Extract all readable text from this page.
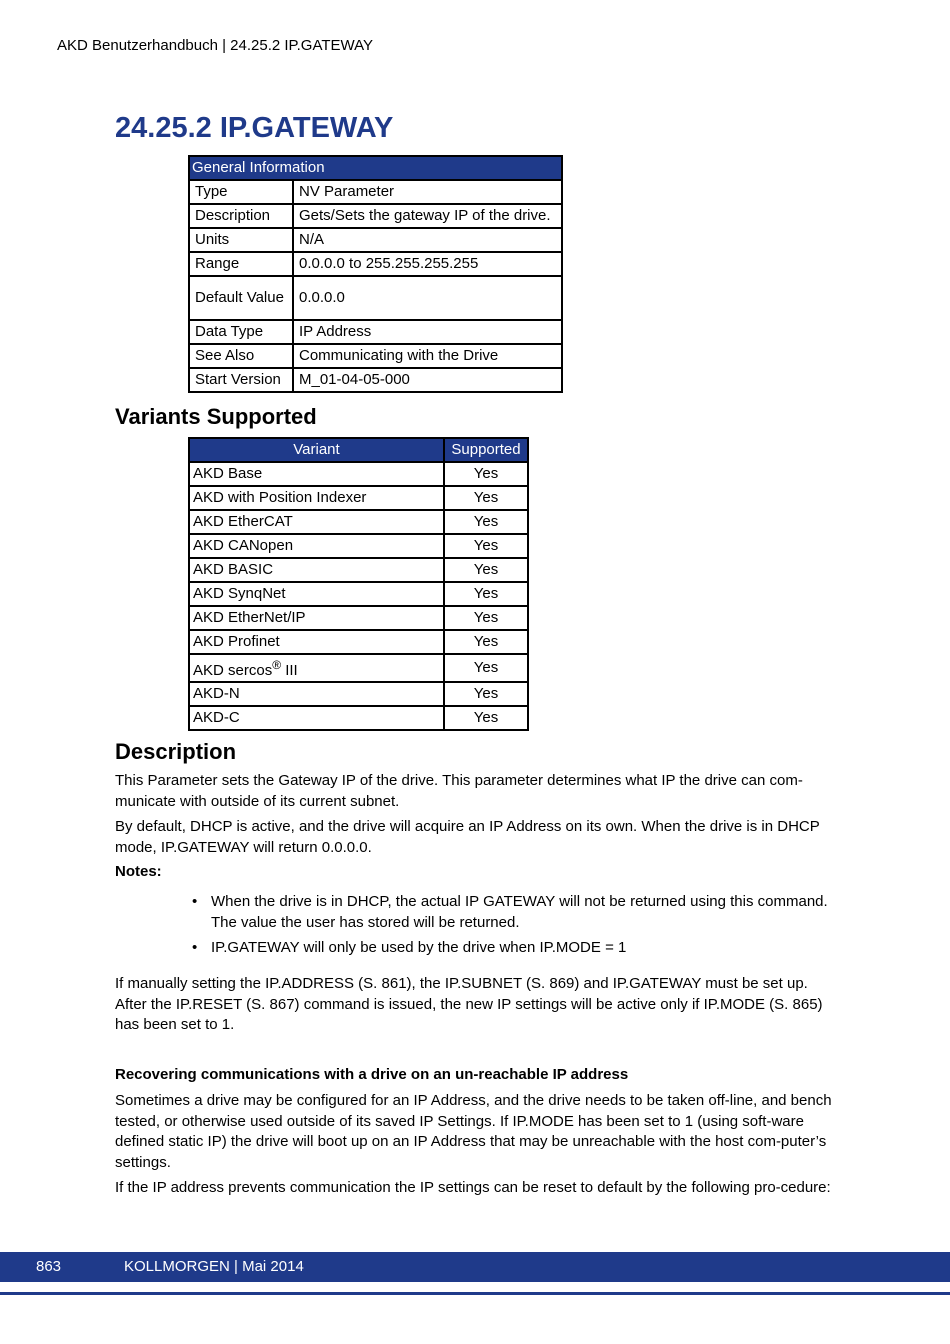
AKD Benutzerhandbuch | 24.25.2 IP.GATEWAY
24.25.2 IP.GATEWAY
General Information	
Type	NV Parameter
Description	Gets/Sets the gateway IP of the drive.
Units	N/A
Range	0.0.0.0 to 255.255.255.255
Default Value	0.0.0.0
Data Type	IP Address
See Also	Communicating with the Drive
Start Version	M_01-04-05-000
Variants Supported
Variant	Supported
AKD Base	Yes
AKD with Position Indexer	Yes
AKD EtherCAT	Yes
AKD CANopen	Yes
AKD BASIC	Yes
AKD SynqNet	Yes
AKD EtherNet/IP	Yes
AKD Profinet	Yes
AKD sercos® III	Yes
AKD-N	Yes
AKD-C	Yes
Description

This Parameter sets the Gateway IP of the drive. This parameter determines what IP the drive can com-municate with outside of its current subnet.

By default, DHCP is active, and the drive will acquire an IP Address on its own. When the drive is in DHCP mode, IP.GATEWAY will return 0.0.0.0.

Notes:
• When the drive is in DHCP, the actual IP GATEWAY will not be returned using this command. The value the user has stored will be returned.
• IP.GATEWAY will only be used by the drive when IP.MODE = 1

If manually setting the IP.ADDRESS (S. 861), the IP.SUBNET (S. 869) and IP.GATEWAY must be set up. After the IP.RESET (S. 867) command is issued, the new IP settings will be active only if IP.MODE (S. 865) has been set to 1.

Recovering communications with a drive on an un-reachable IP address

Sometimes a drive may be configured for an IP Address, and the drive needs to be taken off-line, and bench tested, or otherwise used outside of its saved IP Settings. If IP.MODE has been set to 1 (using soft-ware defined static IP) the drive will boot up on an IP Address that may be unreachable with the host com-puter’s settings.

If the IP address prevents communication the IP settings can be reset to default by the following pro-cedure:

863	KOLLMORGEN | Mai 2014
